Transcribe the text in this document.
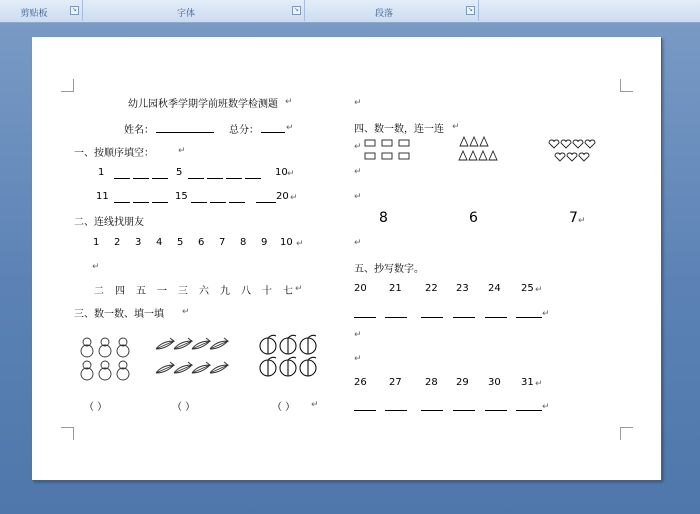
剪贴板	↘	字体	↘	段落	↘
幼儿园秋季学期学前班数学检测题 ↵
姓名：	总分：	↵
一、按顺序填空：	↵
1	5	10 ↵
11	15	20 ↵
二、连线找朋友
1 2 3 4 5 6 7 8 9 10 ↵
↵
二 四 五 一 三 六 九 八 十 七 ↵
三、数一数、填一填 ↵
（ ）	（ ）	（ ） ↵
↵
四、数一数，连一连 ↵
↵
↵
↵
8	6	7 ↵
↵
五、抄写数字。
20 21 22 23 24 25 ↵
↵
↵
↵
26 27 28 29 30 31 ↵
↵
